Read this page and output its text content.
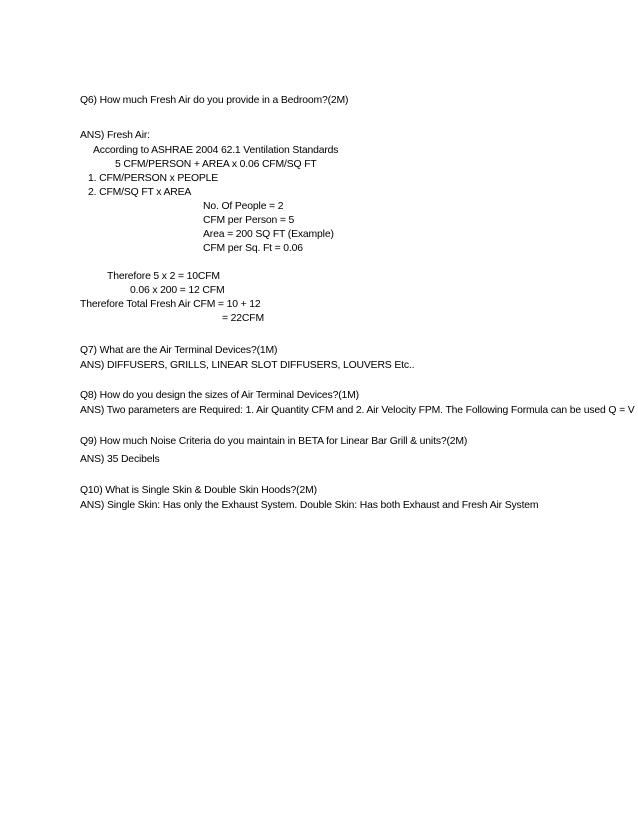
Q6) How much Fresh Air do you provide in a Bedroom?(2M)
ANS) Fresh Air:
According to ASHRAE 2004 62.1 Ventilation Standards
5 CFM/PERSON + AREA x 0.06 CFM/SQ FT
1. CFM/PERSON x PEOPLE
2. CFM/SQ FT x AREA
No. Of People = 2
CFM per Person = 5
Area = 200 SQ FT (Example)
CFM per Sq. Ft = 0.06
Therefore 5 x 2 = 10CFM
0.06 x 200 = 12 CFM
Therefore Total Fresh Air CFM = 10 + 12
= 22CFM
Q7) What are the Air Terminal Devices?(1M)
ANS) DIFFUSERS, GRILLS, LINEAR SLOT DIFFUSERS, LOUVERS Etc..
Q8) How do you design the sizes of Air Terminal Devices?(1M)
ANS) Two parameters are Required: 1. Air Quantity CFM and 2. Air Velocity FPM. The Following Formula can be used Q = V
Q9) How much Noise Criteria do you maintain in BETA for Linear Bar Grill & units?(2M)
ANS) 35 Decibels
Q10) What is Single Skin & Double Skin Hoods?(2M)
ANS) Single Skin: Has only the Exhaust System. Double Skin: Has both Exhaust and Fresh Air System
